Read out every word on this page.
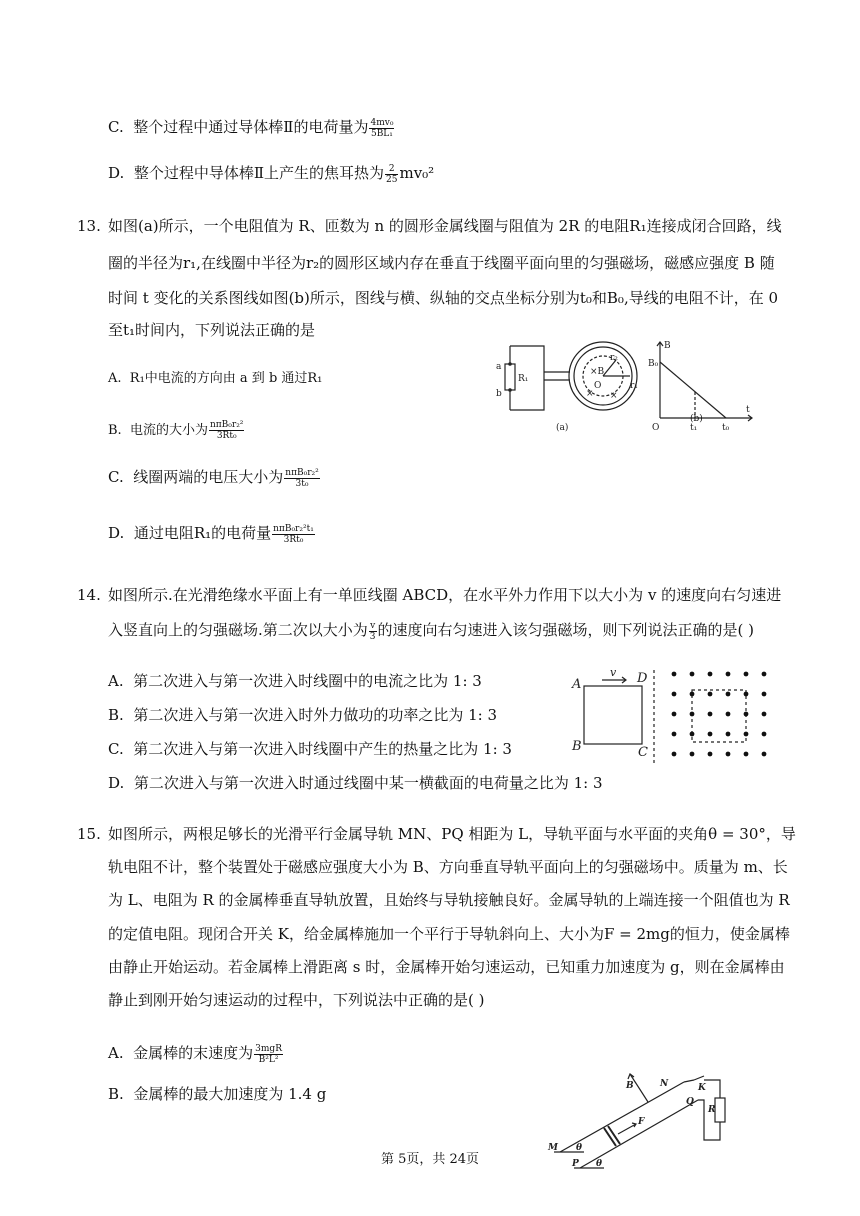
C. 整个过程中通过导体棒Ⅱ的电荷量为 $\frac{\text{4mv₀}}{\text{5BL₁}}$
D. 整个过程中导体棒Ⅱ上产生的焦耳热为 $\frac{2}{25} mv_0^2$
13. 如图(a)所示，一个电阻值为 R、匝数为 n 的圆形金属线圈与阻值为 2R 的电阻R₁连接成闭合回路，线
圈的半径为r₁,在线圈中半径为r₂的圆形区域内存在垂直于线圈平面向里的匀强磁场，磁感应强度 B 随
时间 t 变化的关系图线如图(b)所示，图线与横、纵轴的交点坐标分别为t₀和B₀,导线的电阻不计，在 0
至t₁时间内，下列说法正确的是
A. R₁中电流的方向由 a 到 b 通过R₁
B. 电流的大小为 $\frac{\text{nπB₀r₂²}}{\text{3Rt₀}}$
C. 线圈两端的电压大小为 $\frac{\text{nπB₀r₂²}}{\text{3t₀}}$
D. 通过电阻R₁的电荷量 $\frac{\text{nπB₀r₂²t₁}}{\text{3Rt₀}}$
a
b
R₁
×B
O
r₂
r₁
×
×
B
B₀
O	t₁	t₀
t
(a)
(b)
14. 如图所示.在光滑绝缘水平面上有一单匝线圈 ABCD，在水平外力作用下以大小为 v 的速度向右匀速进
入竖直向上的匀强磁场.第二次以大小为 $\frac{v}{3}$ 的速度向右匀速进入该匀强磁场，则下列说法正确的是( )
A. 第二次进入与第一次进入时线圈中的电流之比为 1: 3
B. 第二次进入与第一次进入时外力做功的功率之比为 1: 3
C. 第二次进入与第一次进入时线圈中产生的热量之比为 1: 3
D. 第二次进入与第一次进入时通过线圈中某一横截面的电荷量之比为 1: 3
A	D
B	C
v
15. 如图所示，两根足够长的光滑平行金属导轨 MN、PQ 相距为 L，导轨平面与水平面的夹角θ = 30°，导
轨电阻不计，整个装置处于磁感应强度大小为 B、方向垂直导轨平面向上的匀强磁场中。质量为 m、长
为 L、电阻为 R 的金属棒垂直导轨放置，且始终与导轨接触良好。金属导轨的上端连接一个阻值也为 R
的定值电阻。现闭合开关 K，给金属棒施加一个平行于导轨斜向上、大小为F = 2mg的恒力，使金属棒
由静止开始运动。若金属棒上滑距离 s 时，金属棒开始匀速运动，已知重力加速度为 g，则在金属棒由
静止到刚开始匀速运动的过程中，下列说法中正确的是( )
A. 金属棒的末速度为 $\frac{\text{3mgR}}{\text{B²L²}}$
B. 金属棒的最大加速度为 1.4 g	B	N	K
Q
R
F
M
P
θ
θ
第 5页，共 24页
